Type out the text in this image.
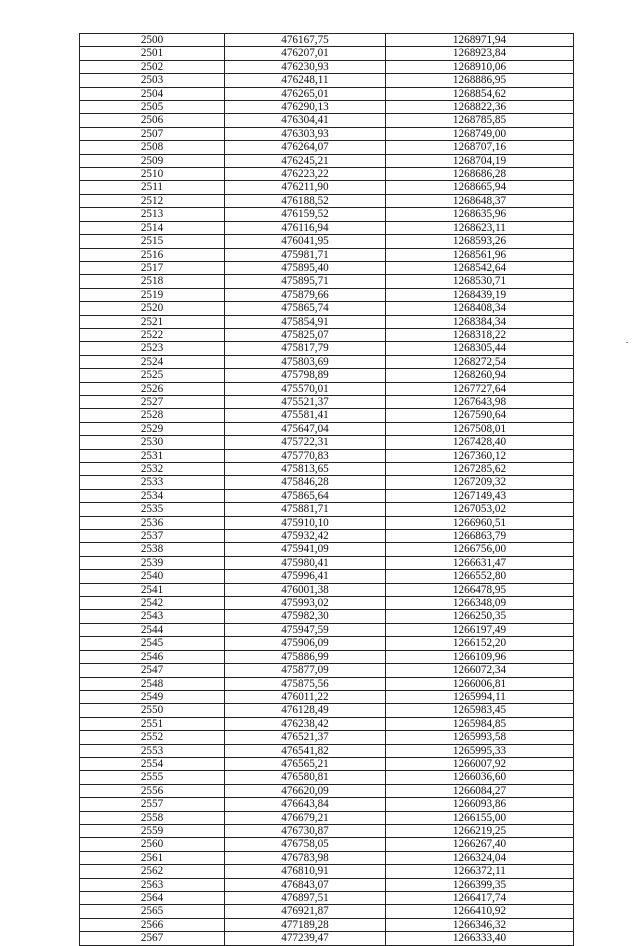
2500	476167,75	1268971,94
2501	476207,01	1268923,84
2502	476230,93	1268910,06
2503	476248,11	1268886,95
2504	476265,01	1268854,62
2505	476290,13	1268822,36
2506	476304,41	1268785,85
2507	476303,93	1268749,00
2508	476264,07	1268707,16
2509	476245,21	1268704,19
2510	476223,22	1268686,28
2511	476211,90	1268665,94
2512	476188,52	1268648,37
2513	476159,52	1268635,96
2514	476116,94	1268623,11
2515	476041,95	1268593,26
2516	475981,71	1268561,96
2517	475895,40	1268542,64
2518	475895,71	1268530,71
2519	475879,66	1268439,19
2520	475865,74	1268408,34
2521	475854,91	1268384,34
2522	475825,07	1268318,22
2523	475817,79	1268305,44
2524	475803,69	1268272,54
2525	475798,89	1268260,94
2526	475570,01	1267727,64
2527	475521,37	1267643,98
2528	475581,41	1267590,64
2529	475647,04	1267508,01
2530	475722,31	1267428,40
2531	475770,83	1267360,12
2532	475813,65	1267285,62
2533	475846,28	1267209,32
2534	475865,64	1267149,43
2535	475881,71	1267053,02
2536	475910,10	1266960,51
2537	475932,42	1266863,79
2538	475941,09	1266756,00
2539	475980,41	1266631,47
2540	475996,41	1266552,80
2541	476001,38	1266478,95
2542	475993,02	1266348,09
2543	475982,30	1266250,35
2544	475947,59	1266197,49
2545	475906,09	1266152,20
2546	475886,99	1266109,96
2547	475877,09	1266072,34
2548	475875,56	1266006,81
2549	476011,22	1265994,11
2550	476128,49	1265983,45
2551	476238,42	1265984,85
2552	476521,37	1265993,58
2553	476541,82	1265995,33
2554	476565,21	1266007,92
2555	476580,81	1266036,60
2556	476620,09	1266084,27
2557	476643,84	1266093,86
2558	476679,21	1266155,00
2559	476730,87	1266219,25
2560	476758,05	1266267,40
2561	476783,98	1266324,04
2562	476810,91	1266372,11
2563	476843,07	1266399,35
2564	476897,51	1266417,74
2565	476921,87	1266410,92
2566	477189,28	1266346,32
2567	477239,47	1266333,40
